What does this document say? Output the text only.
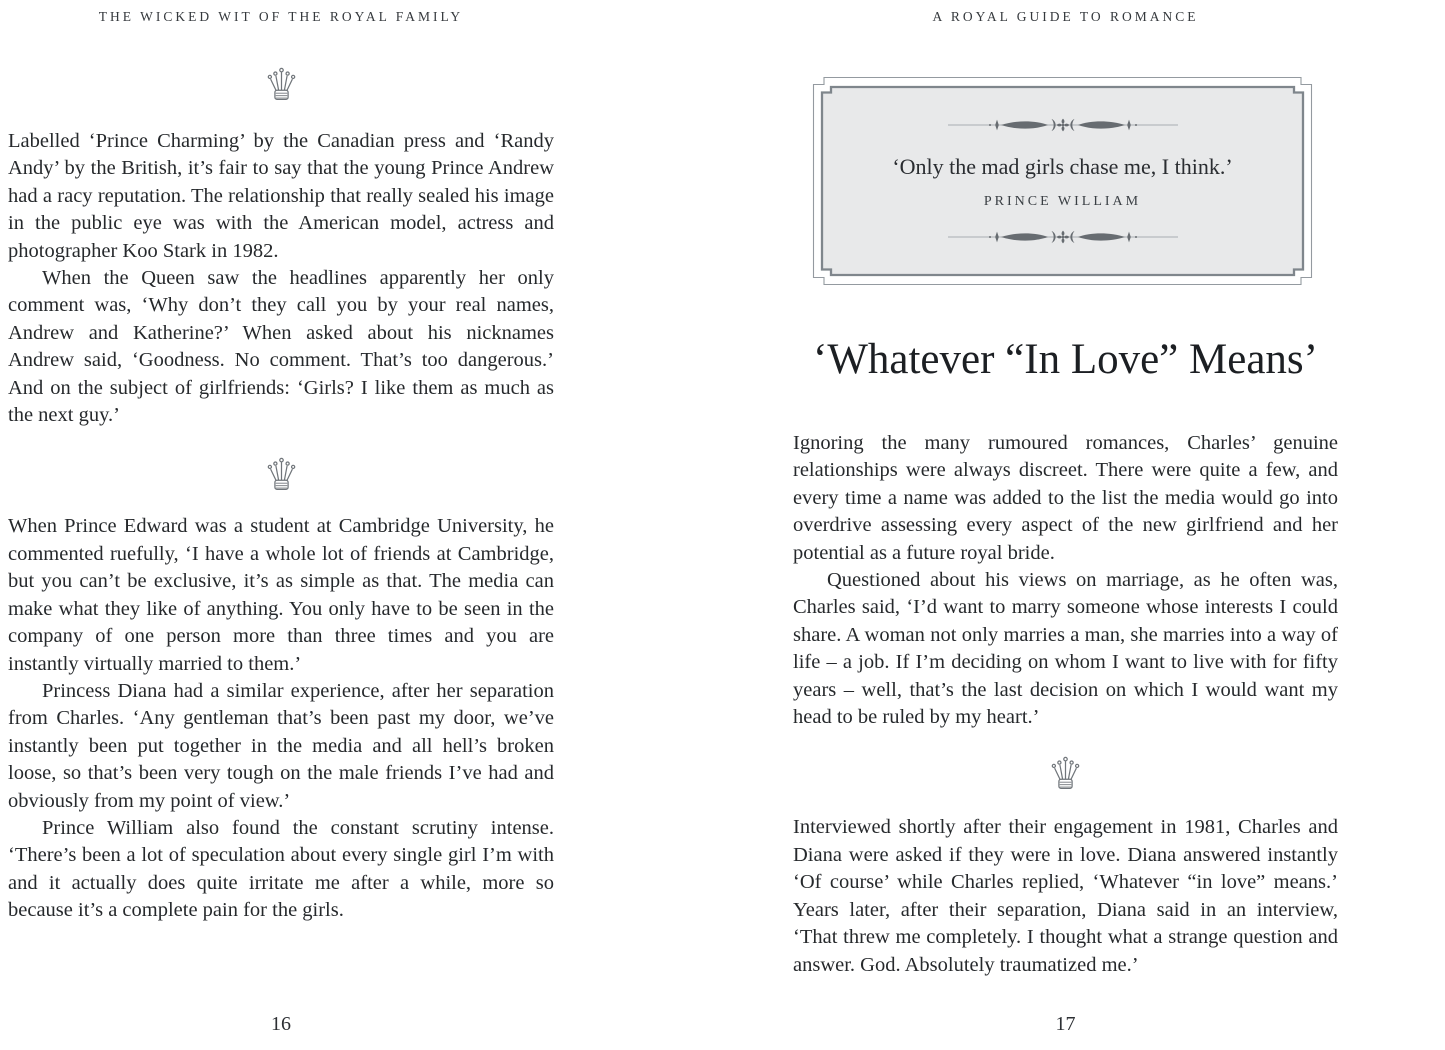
THE WICKED WIT OF THE ROYAL FAMILY

Labelled ‘Prince Charming’ by the Canadian press and ‘Randy Andy’ by the British, it’s fair to say that the young Prince Andrew had a racy reputation. The relationship that really sealed his image in the public eye was with the American model, actress and photographer Koo Stark in 1982.

When the Queen saw the headlines apparently her only comment was, ‘Why don’t they call you by your real names, Andrew and Katherine?’ When asked about his nicknames Andrew said, ‘Goodness. No comment. That’s too dangerous.’ And on the subject of girlfriends: ‘Girls? I like them as much as the next guy.’

When Prince Edward was a student at Cambridge University, he commented ruefully, ‘I have a whole lot of friends at Cambridge, but you can’t be exclusive, it’s as simple as that. The media can make what they like of anything. You only have to be seen in the company of one person more than three times and you are instantly virtually married to them.’

Princess Diana had a similar experience, after her separation from Charles. ‘Any gentleman that’s been past my door, we’ve instantly been put together in the media and all hell’s broken loose, so that’s been very tough on the male friends I’ve had and obviously from my point of view.’

Prince William also found the constant scrutiny intense. ‘There’s been a lot of speculation about every single girl I’m with and it actually does quite irritate me after a while, more so because it’s a complete pain for the girls.

16
A ROYAL GUIDE TO ROMANCE

‘Only the mad girls chase me, I think.’

PRINCE WILLIAM

‘Whatever “In Love” Means’

Ignoring the many rumoured romances, Charles’ genuine relationships were always discreet. There were quite a few, and every time a name was added to the list the media would go into overdrive assessing every aspect of the new girlfriend and her potential as a future royal bride.

Questioned about his views on marriage, as he often was, Charles said, ‘I’d want to marry someone whose interests I could share. A woman not only marries a man, she marries into a way of life – a job. If I’m deciding on whom I want to live with for fifty years – well, that’s the last decision on which I would want my head to be ruled by my heart.’

Interviewed shortly after their engagement in 1981, Charles and Diana were asked if they were in love. Diana answered instantly ‘Of course’ while Charles replied, ‘Whatever “in love” means.’ Years later, after their separation, Diana said in an interview, ‘That threw me completely. I thought what a strange question and answer. God. Absolutely traumatized me.’

17
